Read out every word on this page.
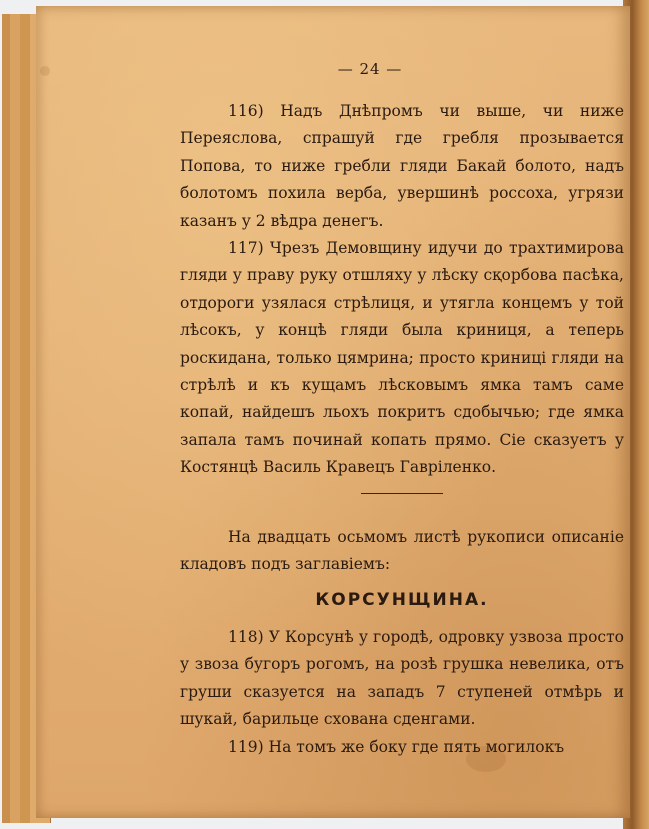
— 24 —

116) Надъ Днѣпромъ чи выше, чи ниже Переяслова, спрашуй где гребля прозывается Попова, то ниже гребли гляди Бакай болото, надъ болотомъ похила верба, увершинѣ россоха, угрязи казанъ у 2 вѣдра денегъ.

117) Чрезъ Демовщину идучи до трахтимирова гляди у праву руку отшляху у лѣску сқорбова пасѣка, отдороги узялася стрѣлиця, и утягла концемъ у той лѣсокъ, у концѣ гляди была криниця, а теперь роскидана, только цямрина; просто криниці гляди на стрѣлѣ и къ кущамъ лѣсковымъ ямка тамъ саме копай, найдешъ льохъ покритъ сдобычью; где ямка запала тамъ починай копать прямо. Сіе сказуетъ у Костянцѣ Василь Кравецъ Гавріленко.

На двадцать осьмомъ листѣ рукописи описаніе кладовъ подъ заглавіемъ:

КОРСУНЩИНА.

118) У Корсунѣ у городѣ, одровку узвоза просто у звоза бугоръ рогомъ, на розѣ грушка невелика, отъ груши сказуется на западъ 7 ступеней отмѣрь и шукай, барильце схована сденгами.

119) На томъ же боку где пять могилокъ
